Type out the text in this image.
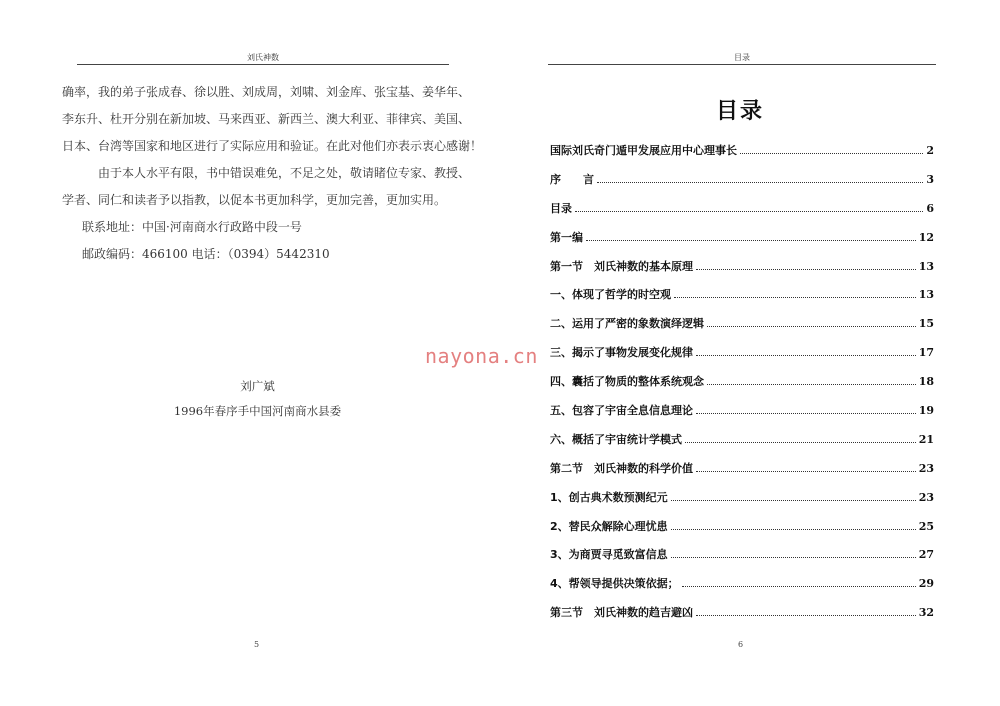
刘氏神数

确率，我的弟子张成春、徐以胜、刘成周，刘啸、刘金库、张宝基、姜华年、

李东升、杜开分别在新加坡、马来西亚、新西兰、澳大利亚、菲律宾、美国、

日本、台湾等国家和地区进行了实际应用和验证。在此对他们亦表示衷心感谢！

由于本人水平有限，书中错误难免，不足之处，敬请睹位专家、教授、

学者、同仁和读者予以指教，以促本书更加科学，更加完善，更加实用。

联系地址：中国·河南商水行政路中段一号

邮政编码：466100 电话：（0394）5442310

刘广斌
1996年春序手中国河南商水县委
5
目录
目录
国际刘氏奇门遁甲发展应用中心理事长	2
序　　言	3
目录	6
第一编	12
第一节　刘氏神数的基本原理	13
一、体现了哲学的时空观	13
二、运用了严密的象数演绎逻辑	15
三、揭示了事物发展变化规律	17
四、囊括了物质的整体系统观念	18
五、包容了宇宙全息信息理论	19
六、概括了宇宙统计学模式	21
第二节　刘氏神数的科学价值	23
1、创古典术数预测纪元	23
2、替民众解除心理忧患	25
3、为商贾寻觅致富信息	27
4、帮领导提供决策依据；	29
第三节　刘氏神数的趋吉避凶	32
6
nayona.cn
